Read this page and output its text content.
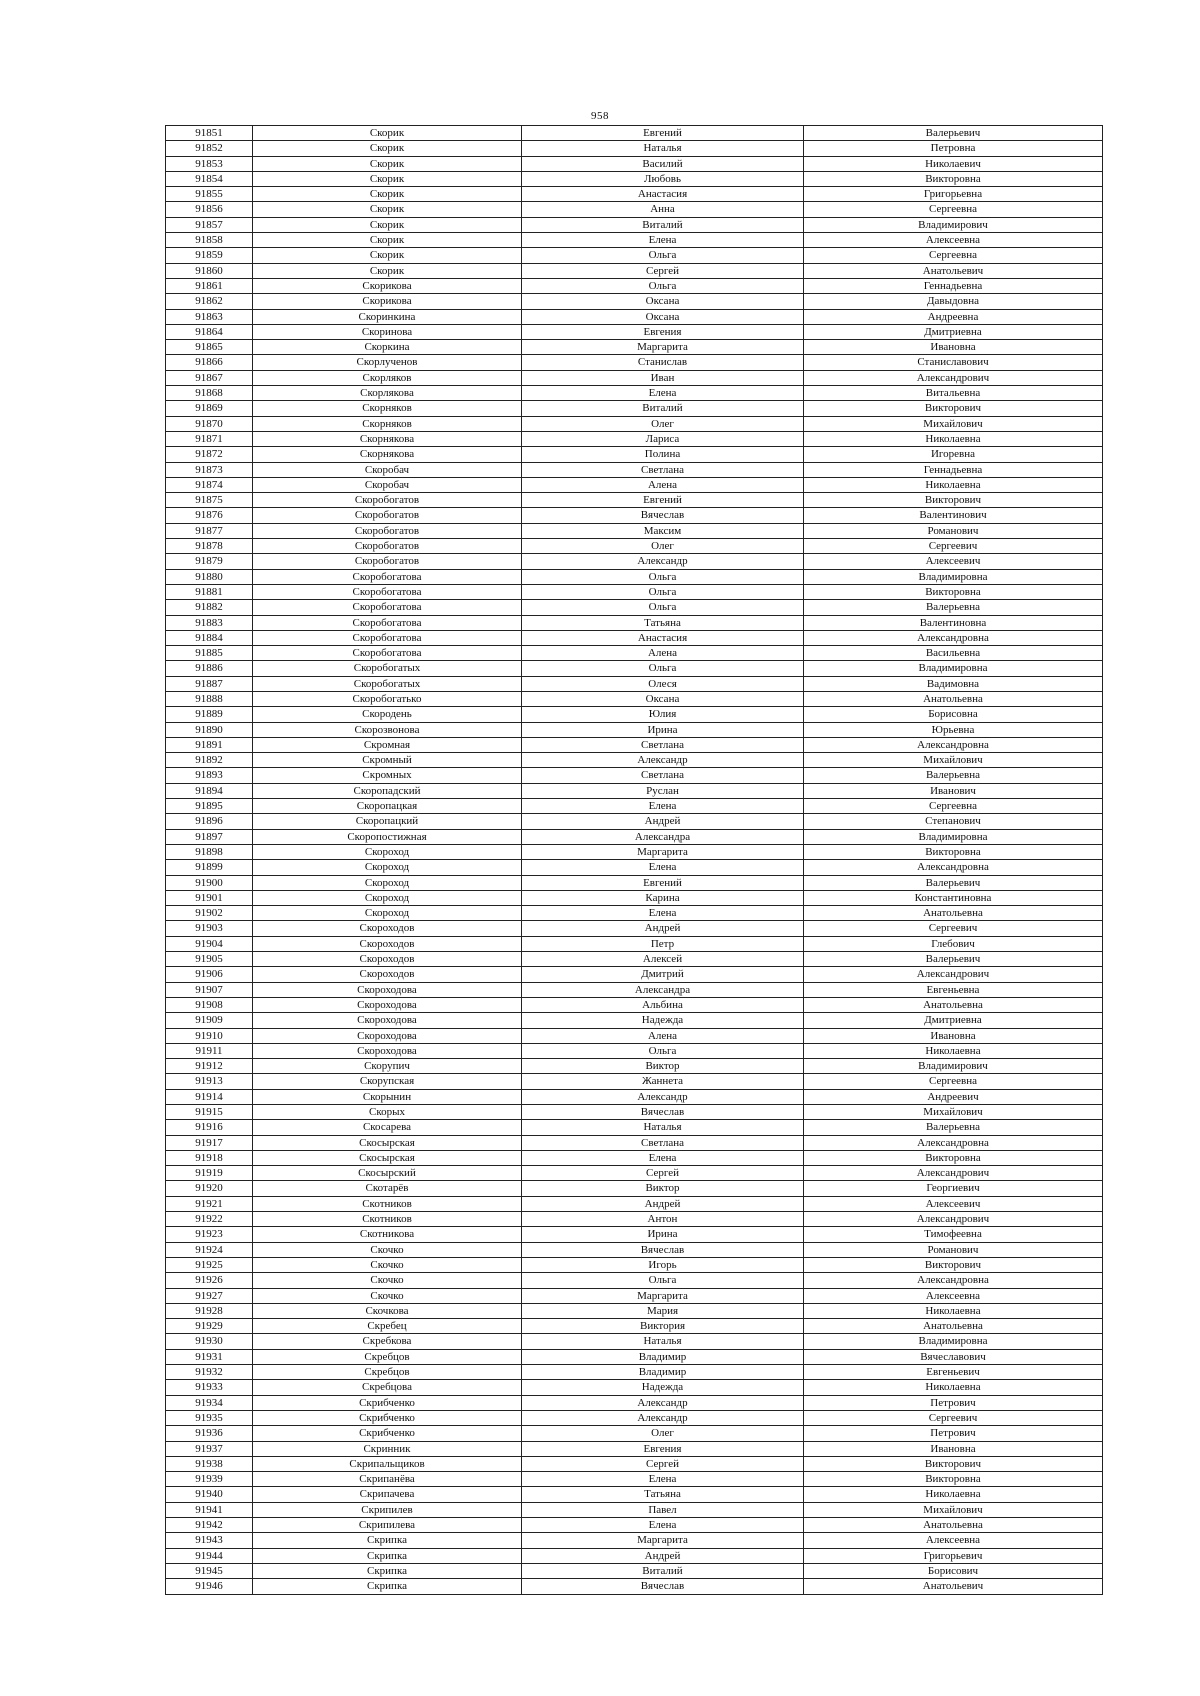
958
91851	Скорик	Евгений	Валерьевич
91852	Скорик	Наталья	Петровна
91853	Скорик	Василий	Николаевич
91854	Скорик	Любовь	Викторовна
91855	Скорик	Анастасия	Григорьевна
91856	Скорик	Анна	Сергеевна
91857	Скорик	Виталий	Владимирович
91858	Скорик	Елена	Алексеевна
91859	Скорик	Ольга	Сергеевна
91860	Скорик	Сергей	Анатольевич
91861	Скорикова	Ольга	Геннадьевна
91862	Скорикова	Оксана	Давыдовна
91863	Скоринкина	Оксана	Андреевна
91864	Скоринова	Евгения	Дмитриевна
91865	Скоркина	Маргарита	Ивановна
91866	Скорлученов	Станислав	Станиславович
91867	Скорляков	Иван	Александрович
91868	Скорлякова	Елена	Витальевна
91869	Скорняков	Виталий	Викторович
91870	Скорняков	Олег	Михайлович
91871	Скорнякова	Лариса	Николаевна
91872	Скорнякова	Полина	Игоревна
91873	Скоробач	Светлана	Геннадьевна
91874	Скоробач	Алена	Николаевна
91875	Скоробогатов	Евгений	Викторович
91876	Скоробогатов	Вячеслав	Валентинович
91877	Скоробогатов	Максим	Романович
91878	Скоробогатов	Олег	Сергеевич
91879	Скоробогатов	Александр	Алексеевич
91880	Скоробогатова	Ольга	Владимировна
91881	Скоробогатова	Ольга	Викторовна
91882	Скоробогатова	Ольга	Валерьевна
91883	Скоробогатова	Татьяна	Валентиновна
91884	Скоробогатова	Анастасия	Александровна
91885	Скоробогатова	Алена	Васильевна
91886	Скоробогатых	Ольга	Владимировна
91887	Скоробогатых	Олеся	Вадимовна
91888	Скоробогатько	Оксана	Анатольевна
91889	Скородень	Юлия	Борисовна
91890	Скорозвонова	Ирина	Юрьевна
91891	Скромная	Светлана	Александровна
91892	Скромный	Александр	Михайлович
91893	Скромных	Светлана	Валерьевна
91894	Скоропадский	Руслан	Иванович
91895	Скоропацкая	Елена	Сергеевна
91896	Скоропацкий	Андрей	Степанович
91897	Скоропостижная	Александра	Владимировна
91898	Скороход	Маргарита	Викторовна
91899	Скороход	Елена	Александровна
91900	Скороход	Евгений	Валерьевич
91901	Скороход	Карина	Константиновна
91902	Скороход	Елена	Анатольевна
91903	Скороходов	Андрей	Сергеевич
91904	Скороходов	Петр	Глебович
91905	Скороходов	Алексей	Валерьевич
91906	Скороходов	Дмитрий	Александрович
91907	Скороходова	Александра	Евгеньевна
91908	Скороходова	Альбина	Анатольевна
91909	Скороходова	Надежда	Дмитриевна
91910	Скороходова	Алена	Ивановна
91911	Скороходова	Ольга	Николаевна
91912	Скорупич	Виктор	Владимирович
91913	Скорупская	Жаннета	Сергеевна
91914	Скорынин	Александр	Андреевич
91915	Скорых	Вячеслав	Михайлович
91916	Скосарева	Наталья	Валерьевна
91917	Скосырская	Светлана	Александровна
91918	Скосырская	Елена	Викторовна
91919	Скосырский	Сергей	Александрович
91920	Скотарёв	Виктор	Георгиевич
91921	Скотников	Андрей	Алексеевич
91922	Скотников	Антон	Александрович
91923	Скотникова	Ирина	Тимофеевна
91924	Скочко	Вячеслав	Романович
91925	Скочко	Игорь	Викторович
91926	Скочко	Ольга	Александровна
91927	Скочко	Маргарита	Алексеевна
91928	Скочкова	Мария	Николаевна
91929	Скребец	Виктория	Анатольевна
91930	Скребкова	Наталья	Владимировна
91931	Скребцов	Владимир	Вячеславович
91932	Скребцов	Владимир	Евгеньевич
91933	Скребцова	Надежда	Николаевна
91934	Скрибченко	Александр	Петрович
91935	Скрибченко	Александр	Сергеевич
91936	Скрибченко	Олег	Петрович
91937	Скринник	Евгения	Ивановна
91938	Скрипальщиков	Сергей	Викторович
91939	Скрипанёва	Елена	Викторовна
91940	Скрипачева	Татьяна	Николаевна
91941	Скрипилев	Павел	Михайлович
91942	Скрипилева	Елена	Анатольевна
91943	Скрипка	Маргарита	Алексеевна
91944	Скрипка	Андрей	Григорьевич
91945	Скрипка	Виталий	Борисович
91946	Скрипка	Вячеслав	Анатольевич
